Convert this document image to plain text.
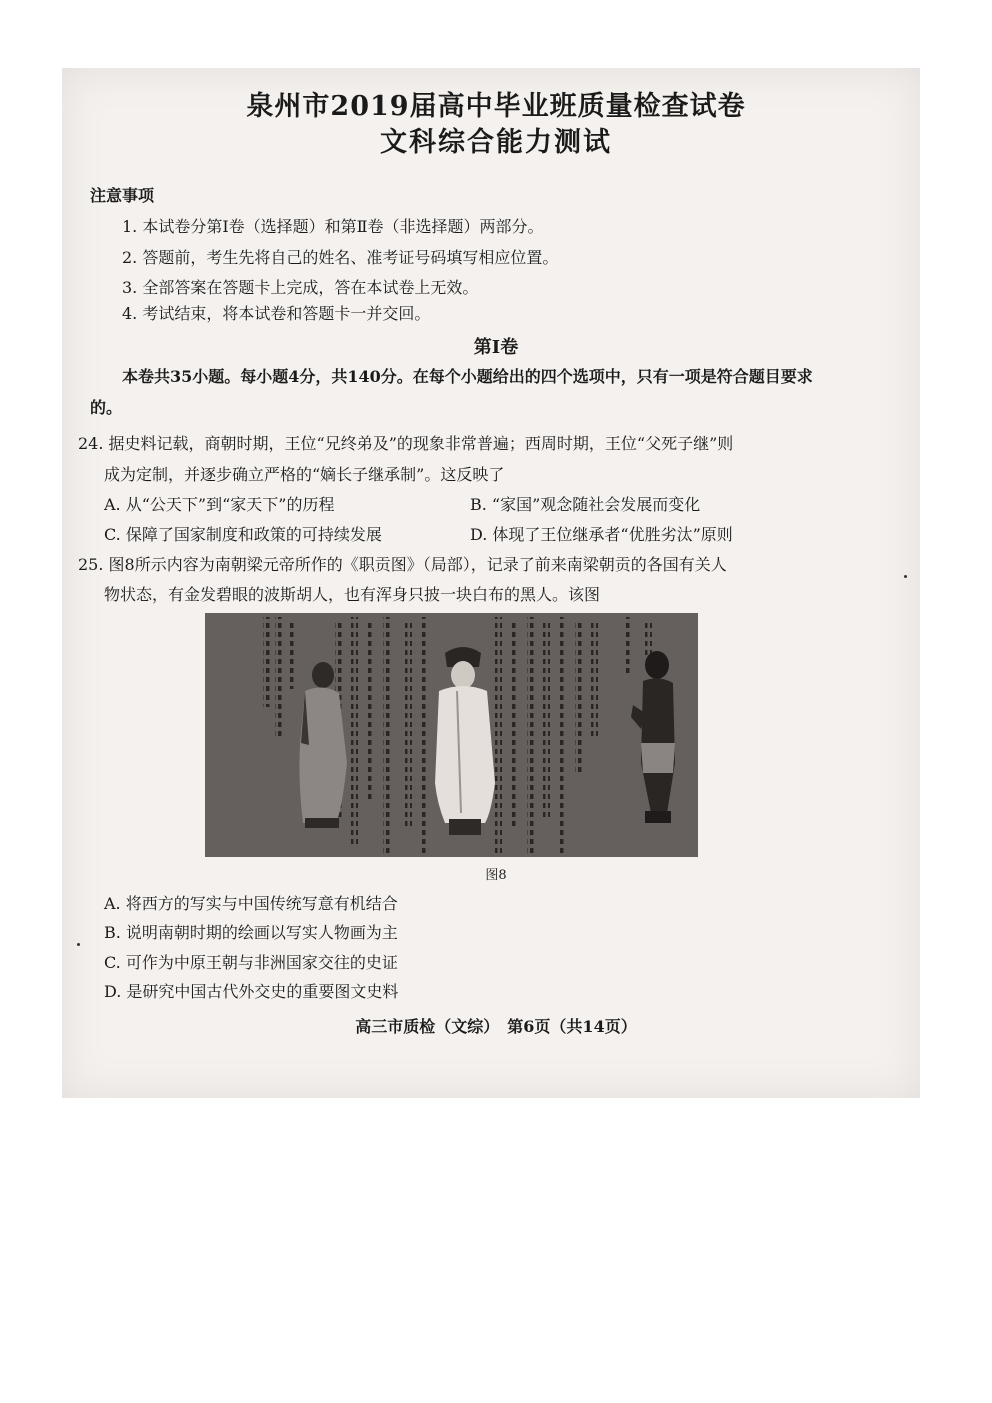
泉州市2019届高中毕业班质量检查试卷
文科综合能力测试
注意事项
1. 本试卷分第Ⅰ卷（选择题）和第Ⅱ卷（非选择题）两部分。
2. 答题前，考生先将自己的姓名、准考证号码填写相应位置。
3. 全部答案在答题卡上完成，答在本试卷上无效。
4. 考试结束，将本试卷和答题卡一并交回。
第Ⅰ卷
本卷共35小题。每小题4分，共140分。在每个小题给出的四个选项中，只有一项是符合题目要求的。
24. 据史料记载，商朝时期，王位“兄终弟及”的现象非常普遍；西周时期，王位“父死子继”则
成为定制，并逐步确立严格的“嫡长子继承制”。这反映了
A. 从“公天下”到“家天下”的历程	B. “家国”观念随社会发展而变化
C. 保障了国家制度和政策的可持续发展	D. 体现了王位继承者“优胜劣汰”原则
25. 图8所示内容为南朝梁元帝所作的《职贡图》（局部），记录了前来南梁朝贡的各国有关人
物状态，有金发碧眼的波斯胡人，也有浑身只披一块白布的黑人。该图
图8
A. 将西方的写实与中国传统写意有机结合
B. 说明南朝时期的绘画以写实人物画为主
C. 可作为中原王朝与非洲国家交往的史证
D. 是研究中国古代外交史的重要图文史料
高三市质检（文综）　第6页（共14页）
